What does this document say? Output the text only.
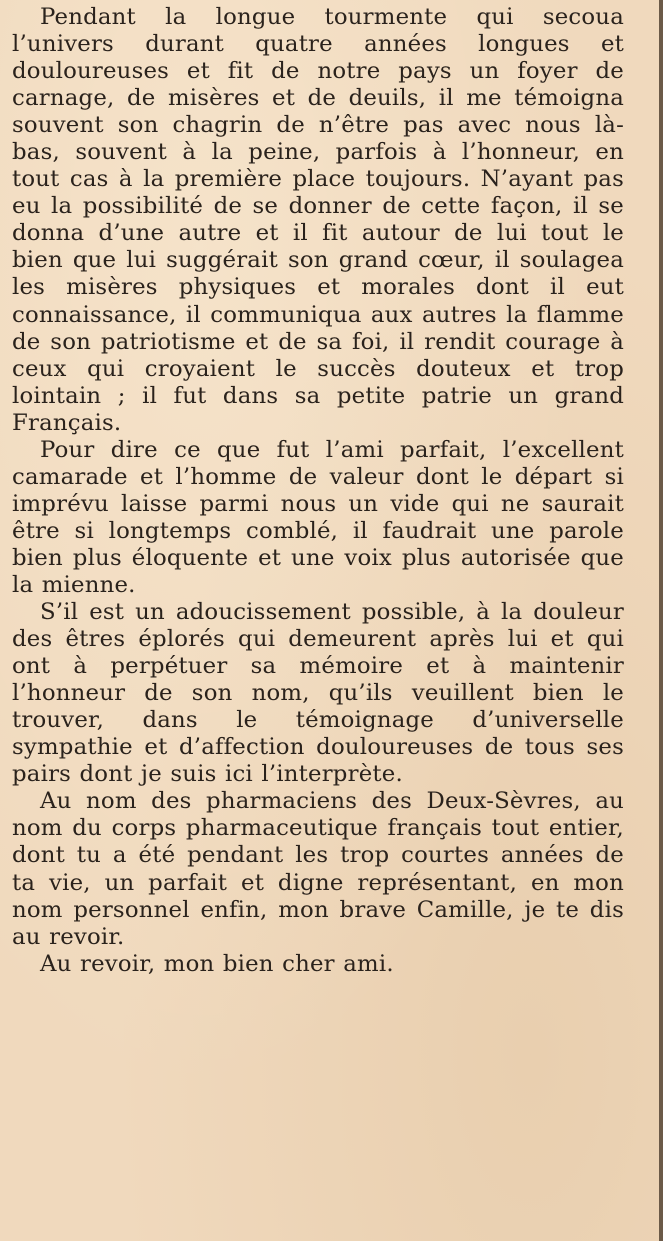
Pendant la longue tourmente qui secoua l’univers durant quatre années longues et douloureuses et fit de notre pays un foyer de carnage, de misères et de deuils, il me témoigna souvent son chagrin de n’être pas avec nous là-bas, souvent à la peine, parfois à l’honneur, en tout cas à la première place toujours. N’ayant pas eu la possibilité de se donner de cette façon, il se donna d’une autre et il fit autour de lui tout le bien que lui suggérait son grand cœur, il soulagea les misères physiques et morales dont il eut connaissance, il communiqua aux autres la flamme de son patriotisme et de sa foi, il rendit courage à ceux qui croyaient le succès douteux et trop lointain ; il fut dans sa petite patrie un grand Français.

Pour dire ce que fut l’ami parfait, l’excellent camarade et l’homme de valeur dont le départ si imprévu laisse parmi nous un vide qui ne saurait être si longtemps comblé, il faudrait une parole bien plus éloquente et une voix plus autorisée que la mienne.

S’il est un adoucissement possible, à la douleur des êtres éplorés qui demeurent après lui et qui ont à perpétuer sa mémoire et à maintenir l’honneur de son nom, qu’ils veuillent bien le trouver, dans le témoignage d’universelle sympathie et d’affection douloureuses de tous ses pairs dont je suis ici l’interprète.

Au nom des pharmaciens des Deux-Sèvres, au nom du corps pharmaceutique français tout entier, dont tu a été pendant les trop courtes années de ta vie, un parfait et digne représentant, en mon nom personnel enfin, mon brave Camille, je te dis au revoir.

Au revoir, mon bien cher ami.
